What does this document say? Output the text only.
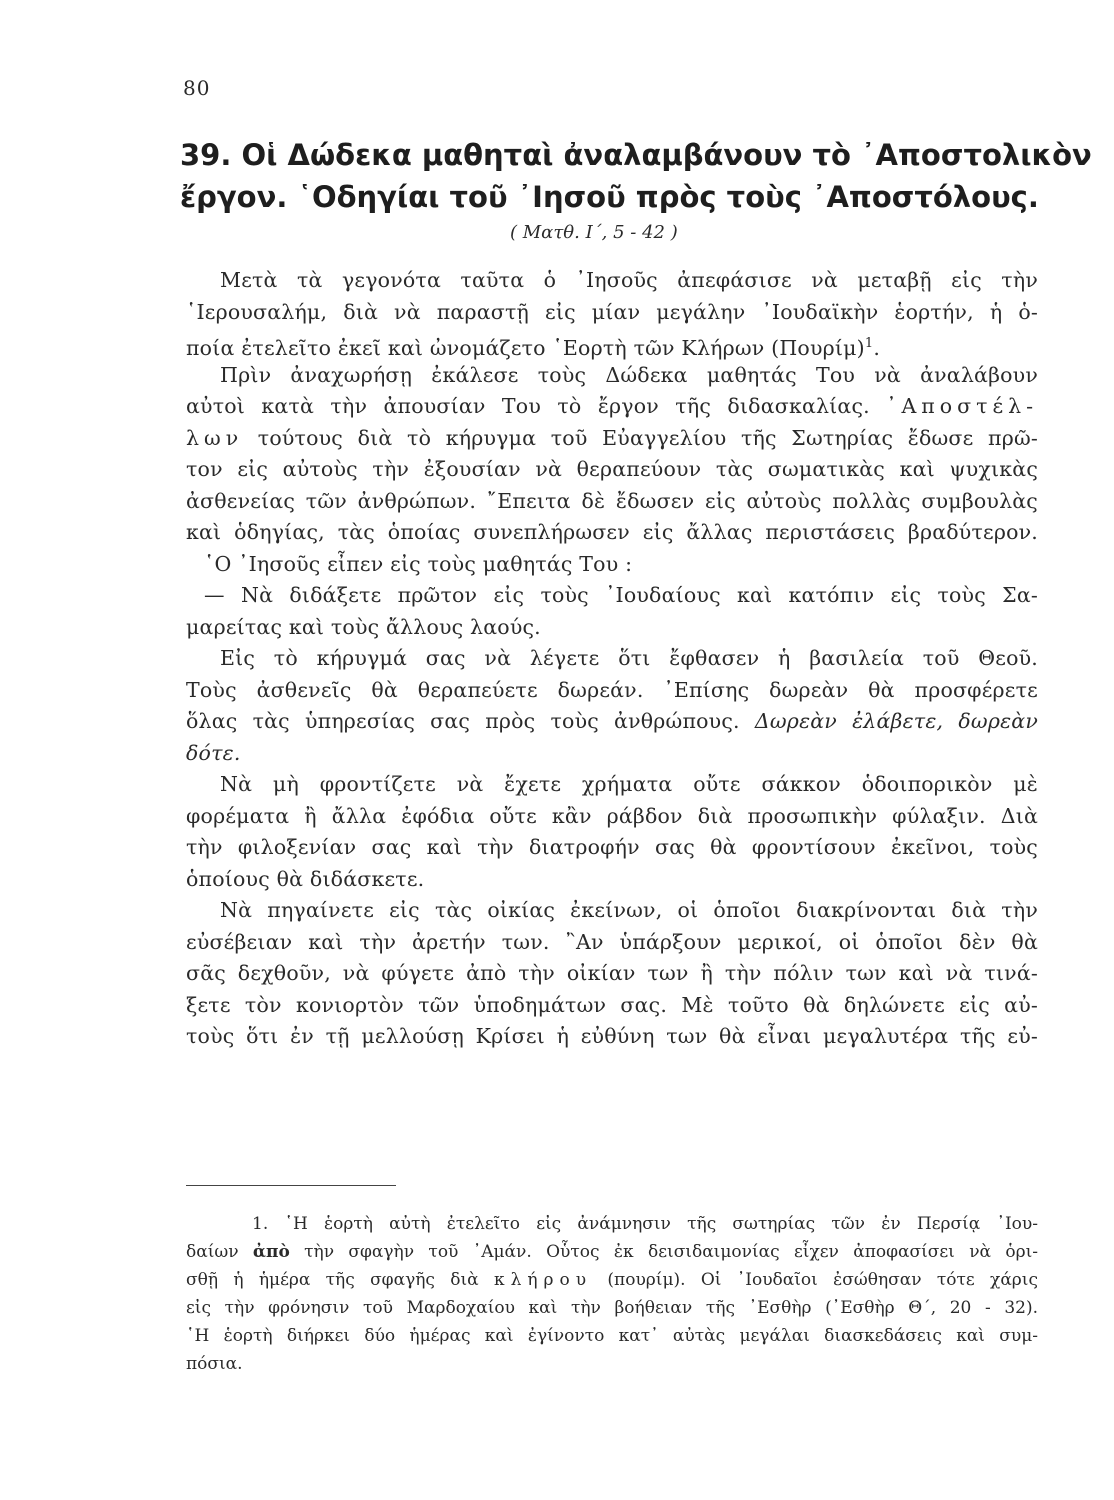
80
39. Οἱ Δώδεκα μαθηταὶ ἀναλαμβάνουν τὸ ᾿Αποστολικὸν
ἔργον. ῾Οδηγίαι τοῦ ᾿Ιησοῦ πρὸς τοὺς ᾿Αποστόλους.
( Ματθ. Ι΄, 5 - 42 )
Μετὰ τὰ γεγονότα ταῦτα ὁ ᾿Ιησοῦς ἀπεφάσισε νὰ μεταβῇ εἰς τὴν
῾Ιερουσαλήμ, διὰ νὰ παραστῇ εἰς μίαν μεγάλην ᾿Ιουδαϊκὴν ἑορτήν, ἡ ὁ-
ποία ἐτελεῖτο ἐκεῖ καὶ ὠνομάζετο ῾Εορτὴ τῶν Κλήρων $(\Pi o\upsilon\rho ί\mu)^1$.
Πρὶν ἀναχωρήσῃ ἐκάλεσε τοὺς Δώδεκα μαθητάς Του νὰ ἀναλάβουν
αὐτοὶ κατὰ τὴν ἀπουσίαν Του τὸ ἔργον τῆς διδασκαλίας. ᾿Αποστέλ-
λων τούτους διὰ τὸ κήρυγμα τοῦ Εὐαγγελίου τῆς Σωτηρίας ἔδωσε πρῶ-
τον εἰς αὐτοὺς τὴν ἐξουσίαν νὰ θεραπεύουν τὰς σωματικὰς καὶ ψυχικὰς
ἀσθενείας τῶν ἀνθρώπων. ῎Επειτα δὲ ἔδωσεν εἰς αὐτοὺς πολλὰς συμβουλὰς
καὶ ὁδηγίας, τὰς ὁποίας συνεπλήρωσεν εἰς ἄλλας περιστάσεις βραδύτερον.
῾Ο ᾿Ιησοῦς εἶπεν εἰς τοὺς μαθητάς Του :
— Νὰ διδάξετε πρῶτον εἰς τοὺς ᾿Ιουδαίους καὶ κατόπιν εἰς τοὺς Σα-
μαρείτας καὶ τοὺς ἄλλους λαούς.
Εἰς τὸ κήρυγμά σας νὰ λέγετε ὅτι ἔφθασεν ἡ βασιλεία τοῦ Θεοῦ.
Τοὺς ἀσθενεῖς θὰ θεραπεύετε δωρεάν. ᾿Επίσης δωρεὰν θὰ προσφέρετε
ὅλας τὰς ὑπηρεσίας σας πρὸς τοὺς ἀνθρώπους. Δωρεὰν ἐλάβετε, δωρεὰν
δότε.
Νὰ μὴ φροντίζετε νὰ ἔχετε χρήματα οὔτε σάκκον ὁδοιπορικὸν μὲ
φορέματα ἢ ἄλλα ἐφόδια οὔτε κἂν ράβδον διὰ προσωπικὴν φύλαξιν. Διὰ
τὴν φιλοξενίαν σας καὶ τὴν διατροφήν σας θὰ φροντίσουν ἐκεῖνοι, τοὺς
ὁποίους θὰ διδάσκετε.
Νὰ πηγαίνετε εἰς τὰς οἰκίας ἐκείνων, οἱ ὁποῖοι διακρίνονται διὰ τὴν
εὐσέβειαν καὶ τὴν ἀρετήν των. ῍Αν ὑπάρξουν μερικοί, οἱ ὁποῖοι δὲν θὰ
σᾶς δεχθοῦν, νὰ φύγετε ἀπὸ τὴν οἰκίαν των ἢ τὴν πόλιν των καὶ νὰ τινά-
ξετε τὸν κονιορτὸν τῶν ὑποδημάτων σας. Μὲ τοῦτο θὰ δηλώνετε εἰς αὐ-
τοὺς ὅτι ἐν τῇ μελλούσῃ Κρίσει ἡ εὐθύνη των θὰ εἶναι μεγαλυτέρα τῆς εὐ-
1. ῾Η ἑορτὴ αὐτὴ ἐτελεῖτο εἰς ἀνάμνησιν τῆς σωτηρίας τῶν ἐν Περσίᾳ ᾿Ιου-
δαίων ἀπὸ τὴν σφαγὴν τοῦ ᾿Αμάν. Οὗτος ἐκ δεισιδαιμονίας εἶχεν ἀποφασίσει νὰ ὁρι-
σθῇ ἡ ἡμέρα τῆς σφαγῆς διὰ κλήρου (πουρίμ). Οἱ ᾿Ιουδαῖοι ἐσώθησαν τότε χάρις
εἰς τὴν φρόνησιν τοῦ Μαρδοχαίου καὶ τὴν βοήθειαν τῆς ᾿Εσθὴρ (᾿Εσθὴρ Θ΄, 20 - 32).
῾Η ἑορτὴ διήρκει δύο ἡμέρας καὶ ἐγίνοντο κατ᾿ αὐτὰς μεγάλαι διασκεδάσεις καὶ συμ-
πόσια.
